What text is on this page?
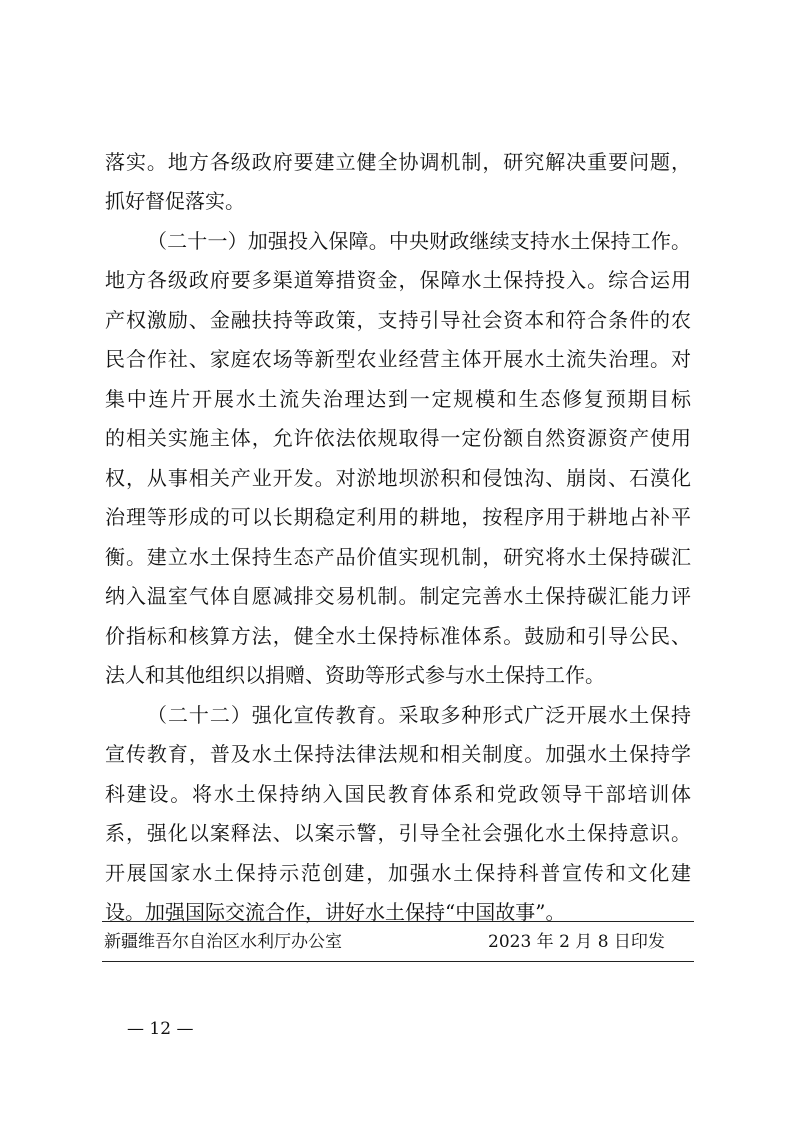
落实。地方各级政府要建立健全协调机制，研究解决重要问题，
抓好督促落实。
（二十一）加强投入保障。中央财政继续支持水土保持工作。
地方各级政府要多渠道筹措资金，保障水土保持投入。综合运用
产权激励、金融扶持等政策，支持引导社会资本和符合条件的农
民合作社、家庭农场等新型农业经营主体开展水土流失治理。对
集中连片开展水土流失治理达到一定规模和生态修复预期目标
的相关实施主体，允许依法依规取得一定份额自然资源资产使用
权，从事相关产业开发。对淤地坝淤积和侵蚀沟、崩岗、石漠化
治理等形成的可以长期稳定利用的耕地，按程序用于耕地占补平
衡。建立水土保持生态产品价值实现机制，研究将水土保持碳汇
纳入温室气体自愿减排交易机制。制定完善水土保持碳汇能力评
价指标和核算方法，健全水土保持标准体系。鼓励和引导公民、
法人和其他组织以捐赠、资助等形式参与水土保持工作。
（二十二）强化宣传教育。采取多种形式广泛开展水土保持
宣传教育，普及水土保持法律法规和相关制度。加强水土保持学
科建设。将水土保持纳入国民教育体系和党政领导干部培训体
系，强化以案释法、以案示警，引导全社会强化水土保持意识。
开展国家水土保持示范创建，加强水土保持科普宣传和文化建
设。加强国际交流合作，讲好水土保持“中国故事”。
新疆维吾尔自治区水利厅办公室	2023 年 2 月 8 日印发
— 12 —
